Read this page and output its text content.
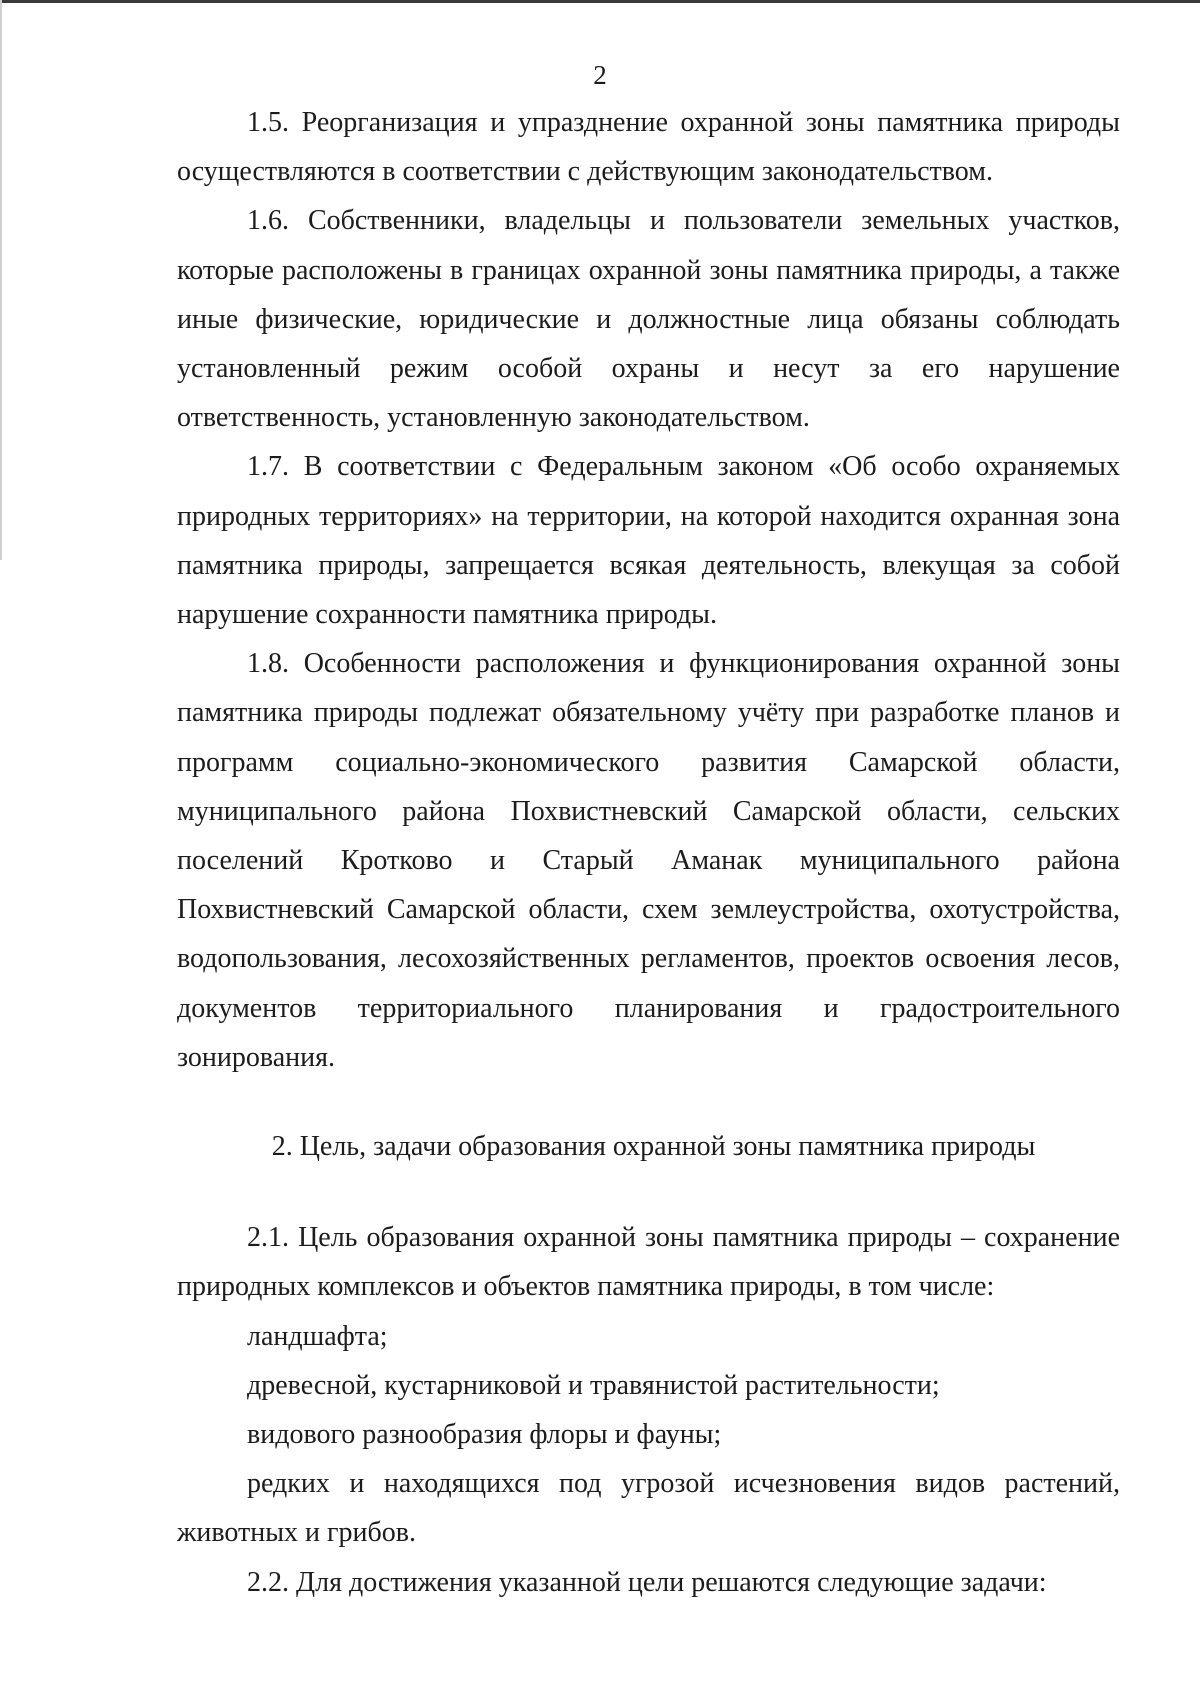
2

1.5. Реорганизация и упразднение охранной зоны памятника природы осуществляются в соответствии с действующим законодательством.

1.6. Собственники, владельцы и пользователи земельных участков, которые расположены в границах охранной зоны памятника природы, а также иные физические, юридические и должностные лица обязаны соблюдать установленный режим особой охраны и несут за его нарушение ответственность, установленную законодательством.

1.7. В соответствии с Федеральным законом «Об особо охраняемых природных территориях» на территории, на которой находится охранная зона памятника природы, запрещается всякая деятельность, влекущая за собой нарушение сохранности памятника природы.

1.8. Особенности расположения и функционирования охранной зоны памятника природы подлежат обязательному учёту при разработке планов и программ социально-экономического развития Самарской области, муниципального района Похвистневский Самарской области, сельских поселений Кротково и Старый Аманак муниципального района Похвистневский Самарской области, схем землеустройства, охотустройства, водопользования, лесохозяйственных регламентов, проектов освоения лесов, документов территориального планирования и градостроительного зонирования.

2. Цель, задачи образования охранной зоны памятника природы

2.1. Цель образования охранной зоны памятника природы – сохранение природных комплексов и объектов памятника природы, в том числе:

ландшафта;

древесной, кустарниковой и травянистой растительности;

видового разнообразия флоры и фауны;

редких и находящихся под угрозой исчезновения видов растений, животных и грибов.

2.2. Для достижения указанной цели решаются следующие задачи:
